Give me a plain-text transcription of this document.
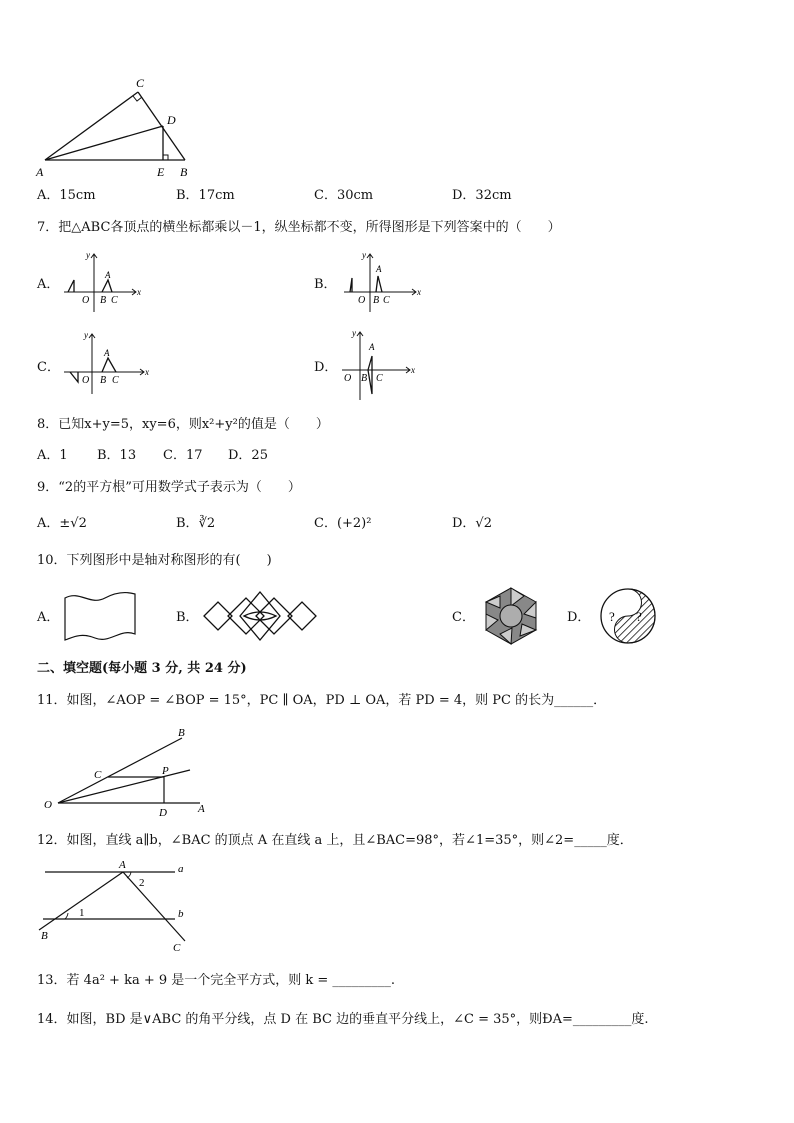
A
C
D
E B
A．15cm	B．17cm	C．30cm	D．32cm
7．把△ABC各顶点的横坐标都乘以－1，纵坐标都不变，所得图形是下列答案中的（　　）
A．
y
x
O
A
B C
B．
y
x
O
A
B C
C．
y
x
O
A
B C
D．
y
x
O
A
B C
8．已知x+y=5，xy=6，则x²+y²的值是（　　）
A．1 B．13 C．17 D．25
9．“2的平方根”可用数学式子表示为（　　）
A．±√2	B．∛2	C．(+2)²	D．√2
10．下列图形中是轴对称图形的有(　　)
A．	B．	C．	D． ? ?
二、填空题(每小题 3 分, 共 24 分)
11．如图，∠AOP = ∠BOP = 15°，PC ∥ OA，PD ⊥ OA，若 PD = 4，则 PC 的长为______．
O	A
B
C	P
D
12．如图，直线 a∥b，∠BAC 的顶点 A 在直线 a 上，且∠BAC=98°，若∠1=35°，则∠2=_____度．
A	a
b
B
C
1
2
13．若 4a² + ka + 9 是一个完全平方式，则 k = _________.
14．如图，BD 是∨ABC 的角平分线，点 D 在 BC 边的垂直平分线上，∠C = 35°，则ĐA=_________度.
